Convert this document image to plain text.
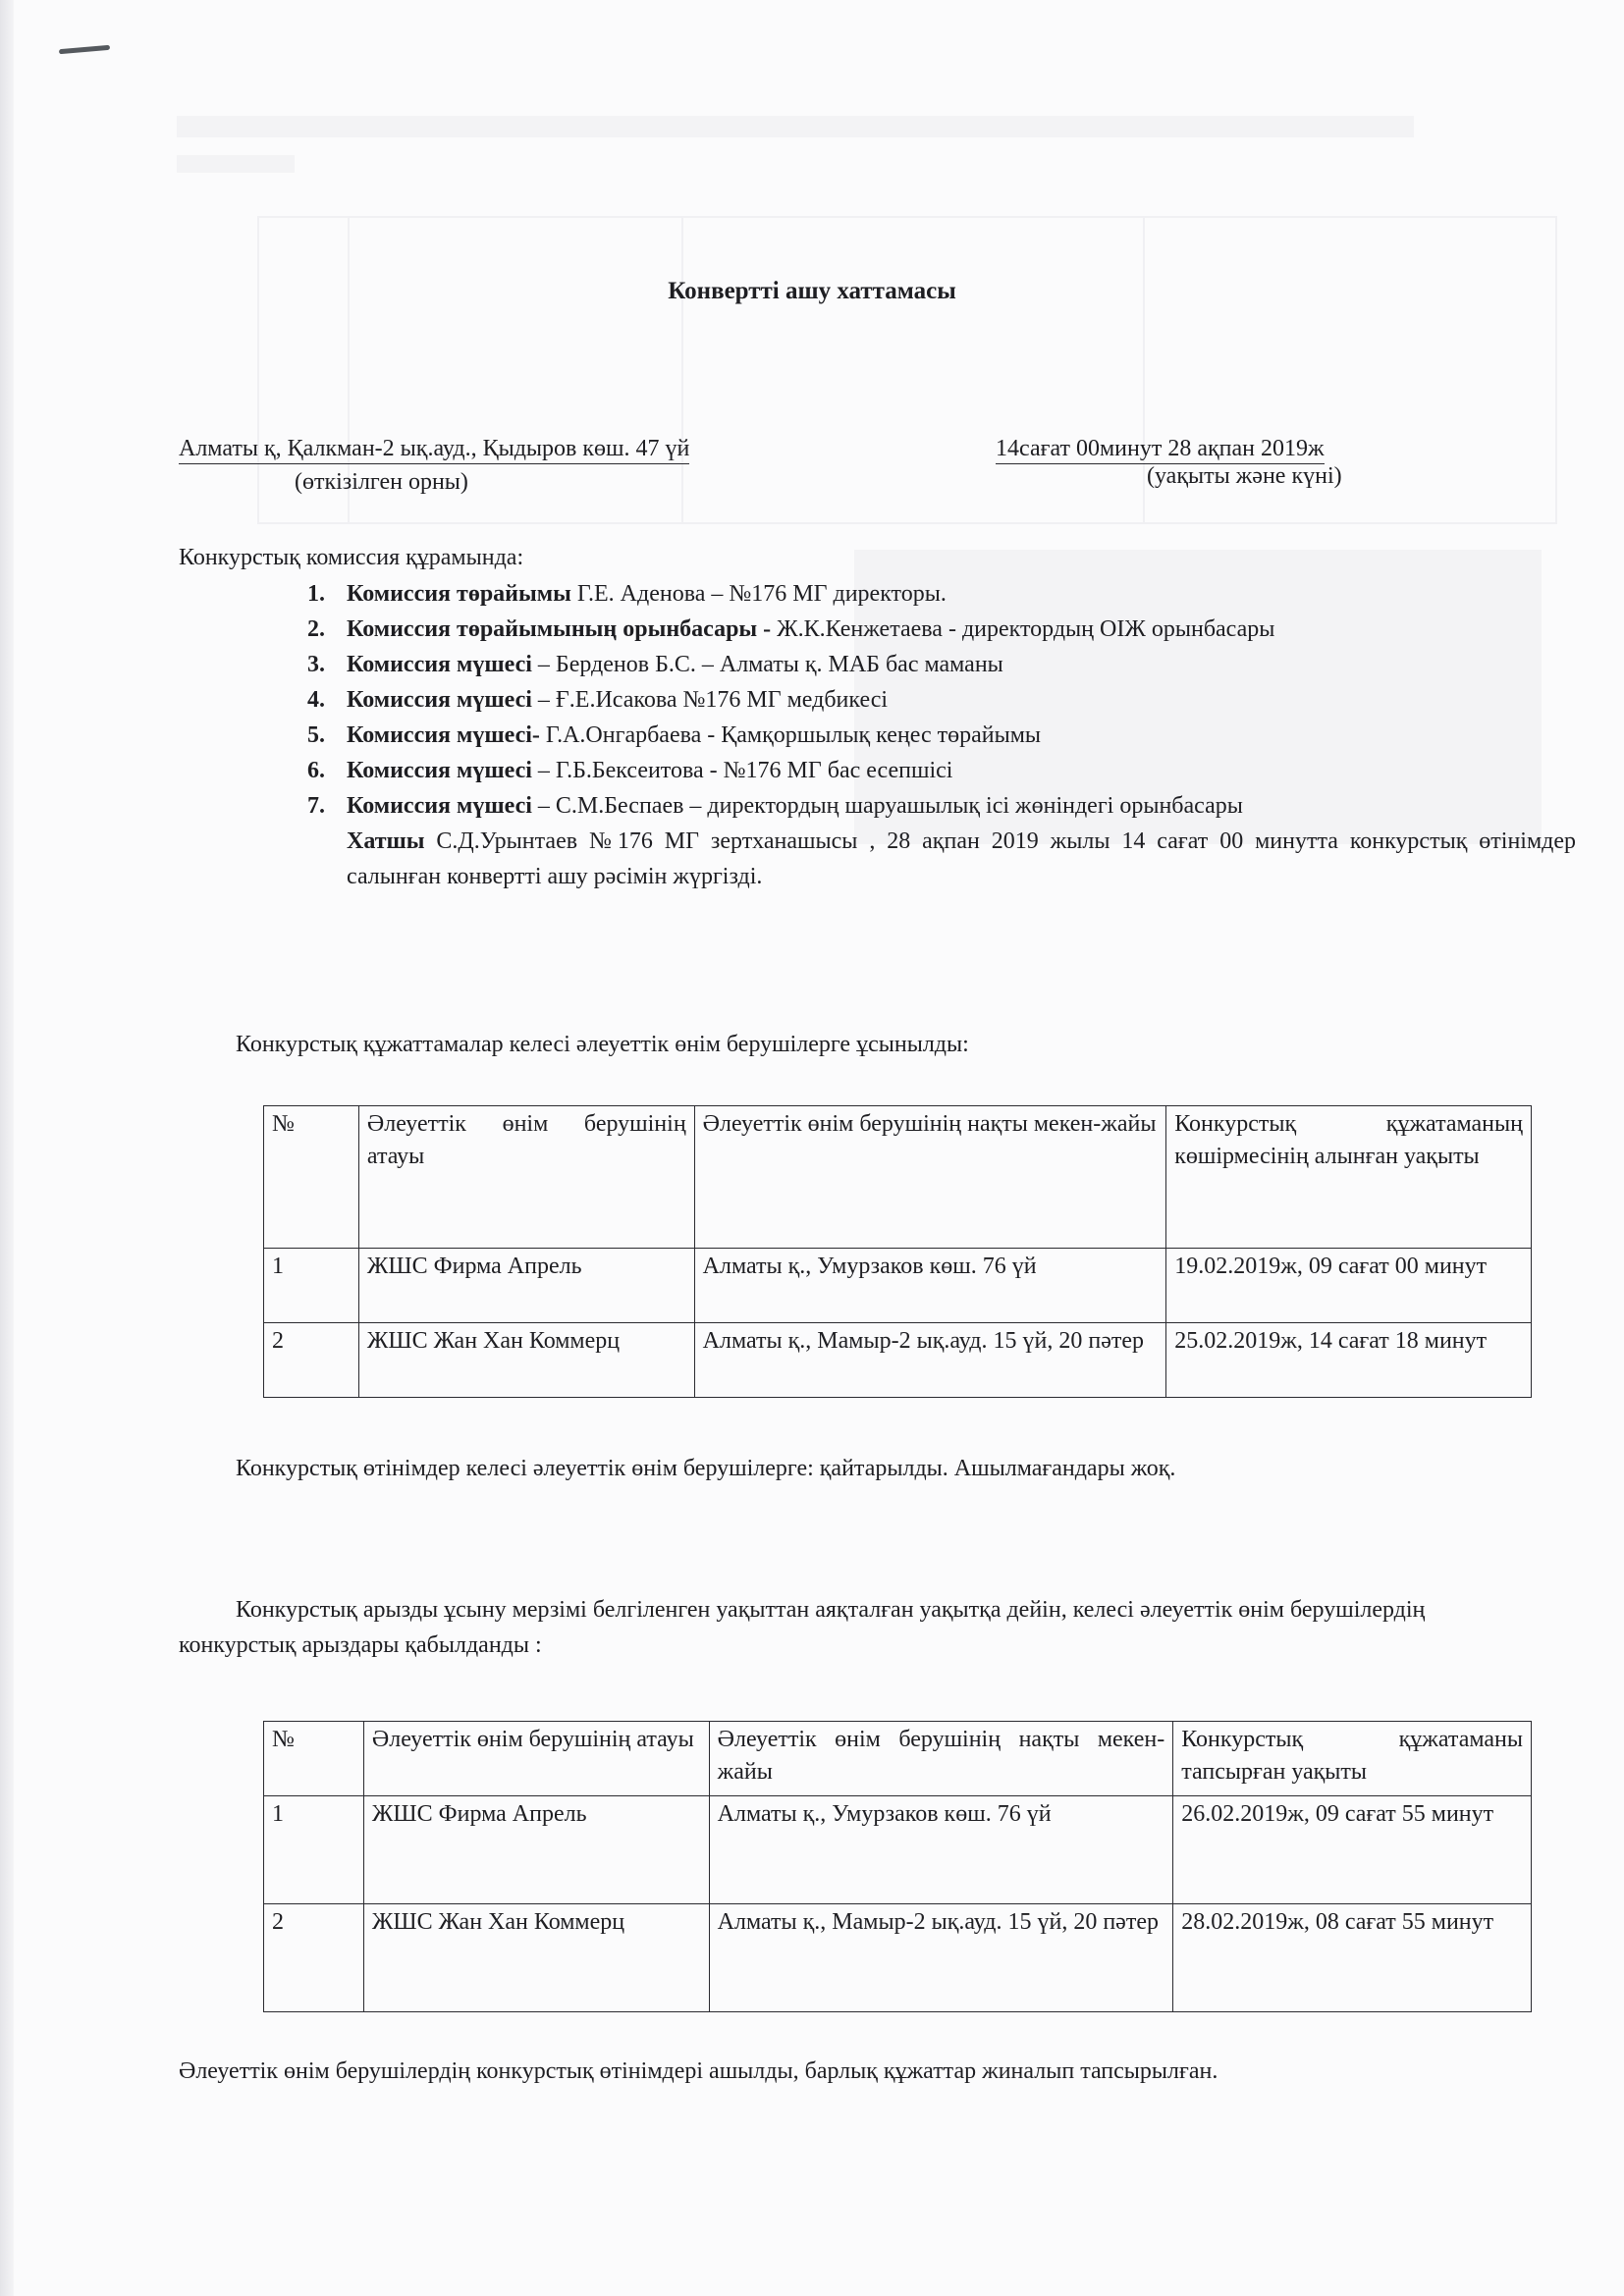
Конвертті ашу хаттамасы
Алматы қ, Қалкман-2 ық.ауд., Қыдыров көш. 47 үй
(өткізілген орны)
14сағат 00минут 28 ақпан 2019ж
(уақыты және күні)
Конкурстық комиссия құрамында:
1. Комиссия төрайымы Г.Е. Аденова – №176 МГ директоры.
2. Комиссия төрайымының орынбасары - Ж.К.Кенжетаева - директордың ОІЖ орынбасары
3. Комиссия мүшесі – Берденов Б.С. – Алматы қ. МАБ бас маманы
4. Комиссия мүшесі – Ғ.Е.Исакова №176 МГ медбикесі
5. Комиссия мүшесі- Г.А.Онгарбаева - Қамқоршылық кеңес төрайымы
6. Комиссия мүшесі – Г.Б.Бексеитова - №176 МГ бас есепшісі
7. Комиссия мүшесі – С.М.Беспаев – директордың шаруашылық ісі жөніндегі орынбасары
Хатшы С.Д.Урынтаев №176 МГ зертханашысы , 28 ақпан 2019 жылы 14 сағат 00 минутта конкурстық өтінімдер салынған конвертті ашу рәсімін жүргізді.
Конкурстық құжаттамалар келесі әлеуеттік өнім берушілерге ұсынылды:
№	Әлеуеттік өнім берушінің атауы	Әлеуеттік өнім берушінің нақты мекен-жайы	Конкурстық құжатаманың көшірмесінің алынған уақыты
1	ЖШС Фирма Апрель	Алматы қ., Умурзаков көш. 76 үй	19.02.2019ж, 09 сағат 00 минут
2	ЖШС Жан Хан Коммерц	Алматы қ., Мамыр-2 ық.ауд. 15 үй, 20 пәтер	25.02.2019ж, 14 сағат 18 минут
Конкурстық өтінімдер келесі әлеуеттік өнім берушілерге: қайтарылды. Ашылмағандары жоқ.
Конкурстық арызды ұсыну мерзімі белгіленген уақыттан аяқталған уақытқа дейін, келесі әлеуеттік өнім берушілердің конкурстық арыздары қабылданды :
№	Әлеуеттік өнім берушінің атауы	Әлеуеттік өнім берушінің нақты мекен-жайы	Конкурстық құжатаманы тапсырған уақыты
1	ЖШС Фирма Апрель	Алматы қ., Умурзаков көш. 76 үй	26.02.2019ж, 09 сағат 55 минут
2	ЖШС Жан Хан Коммерц	Алматы қ., Мамыр-2 ық.ауд. 15 үй, 20 пәтер	28.02.2019ж, 08 сағат 55 минут
Әлеуеттік өнім берушілердің конкурстық өтінімдері ашылды, барлық құжаттар жиналып тапсырылған.
